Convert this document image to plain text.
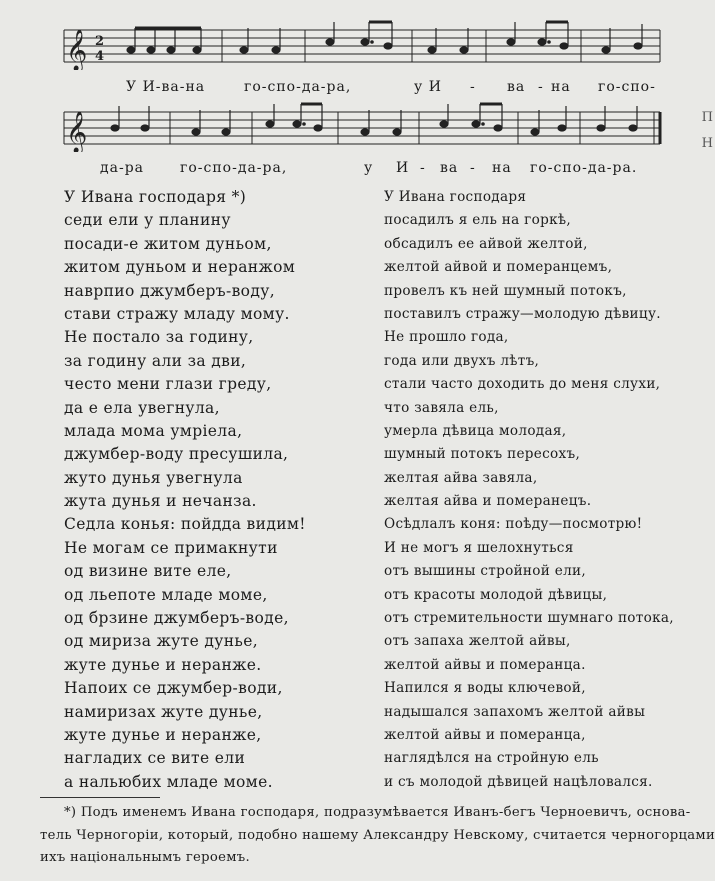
𝄞 2
4
У И-ва-на	го-спо-да-ра,	у И - ва - на го-спо-
𝄞
да-ра	го-спо-да-ра,	у И - ва - на го-спо-да-ра.
П
Н
У Ивана господаря *)
седи ели у планину
посади-е житом дуньом,
житом дуньом и неранжом
наврпио джумберъ-воду,
стави стражу младу мому.
Не постало за годину,
за годину али за дви,
често мени глази греду,
да е ела увегнула,
млада мома умріела,
джумбер-воду пресушила,
жуто дунья увегнула
жута дунья и нечанза.
Седла конья: пойдда видим!
Не могам се примакнути
од визине вите еле,
од льепоте младе моме,
од брзине джумберъ-воде,
од мириза жуте дунье,
жуте дунье и неранже.
Напоих се джумбер-води,
намиризах жуте дунье,
жуте дунье и неранже,
нагладих се вите ели
а нальюбих младе моме.
У Ивана господаря
посадилъ я ель на горкѣ,
обсадилъ ее айвой желтой,
желтой айвой и померанцемъ,
провелъ къ ней шумный потокъ,
поставилъ стражу—молодую дѣвицу.
Не прошло года,
года или двухъ лѣтъ,
стали часто доходить до меня слухи,
что завяла ель,
умерла дѣвица молодая,
шумный потокъ пересохъ,
желтая айва завяла,
желтая айва и померанецъ.
Осѣдлалъ коня: поѣду—посмотрю!
И не могъ я шелохнуться
отъ вышины стройной ели,
отъ красоты молодой дѣвицы,
отъ стремительности шумнаго потока,
отъ запаха желтой айвы,
желтой айвы и померанца.
Напился я воды ключевой,
надышался запахомъ желтой айвы
желтой айвы и померанца,
наглядѣлся на стройную ель
и съ молодой дѣвицей нацѣловался.
*) Подъ именемъ Ивана господаря, подразумѣвается Иванъ-бегъ Черноевичъ, основа-
тель Черногоріи, который, подобно нашему Александру Невскому, считается черногорцами
ихъ національнымъ героемъ.
